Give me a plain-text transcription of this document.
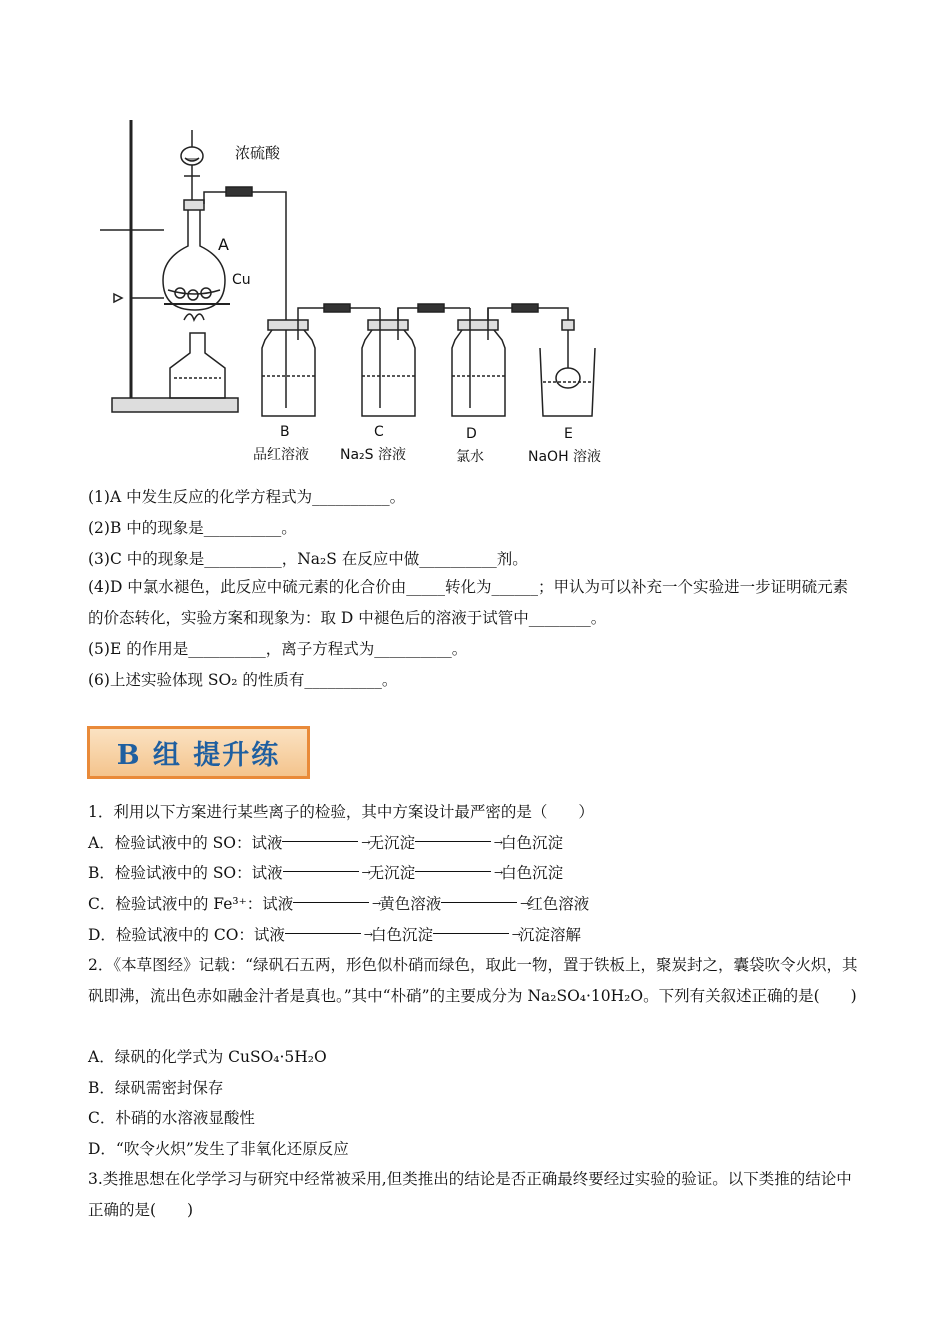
浓硫酸
A
Cu
B
品红溶液
C
Na₂S 溶液
D
氯水
E
NaOH 溶液
(1)A 中发生反应的化学方程式为__________。
(2)B 中的现象是__________。
(3)C 中的现象是__________，Na₂S 在反应中做__________剂。
(4)D 中氯水褪色，此反应中硫元素的化合价由_____转化为______；甲认为可以补充一个实验进一步证明硫元素的价态转化，实验方案和现象为：取 D 中褪色后的溶液于试管中________。
(5)E 的作用是__________，离子方程式为__________。
(6)上述实验体现 SO₂ 的性质有__________。
B 组 提升练
1．利用以下方案进行某些离子的检验，其中方案设计最严密的是（　　）
A．检验试液中的 SO：试液 →	无沉淀 →	白色沉淀
B．检验试液中的 SO：试液 →	无沉淀 →	白色沉淀
C．检验试液中的 Fe³⁺：试液 →	黄色溶液 →	红色溶液
D．检验试液中的 CO：试液 →	白色沉淀 →	沉淀溶解
2．《本草图经》记载：“绿矾石五两，形色似朴硝而绿色，取此一物，置于铁板上，聚炭封之，囊袋吹令火炽，其矾即沸，流出色赤如融金汁者是真也。”其中“朴硝”的主要成分为 Na₂SO₄·10H₂O。下列有关叙述正确的是(　　)
A．绿矾的化学式为 CuSO₄·5H₂O
B．绿矾需密封保存
C．朴硝的水溶液显酸性
D．“吹令火炽”发生了非氧化还原反应
3.类推思想在化学学习与研究中经常被采用,但类推出的结论是否正确最终要经过实验的验证。以下类推的结论中正确的是(　　)
